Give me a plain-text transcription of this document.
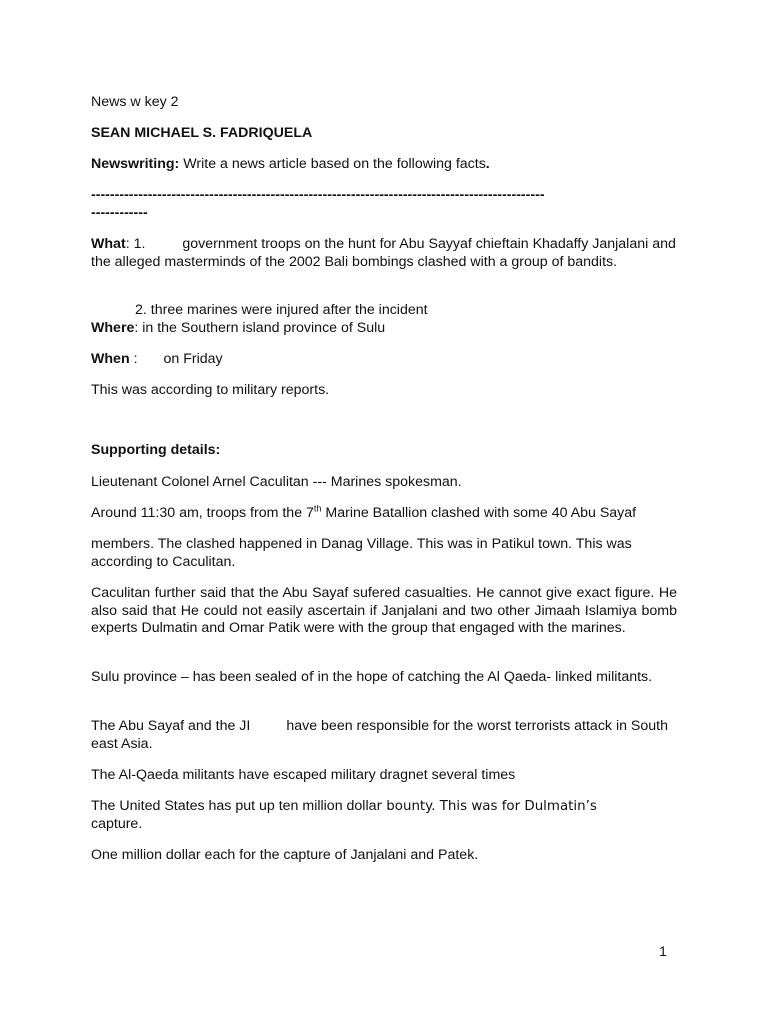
News w key 2
SEAN MICHAEL S. FADRIQUELA
Newswriting: Write a news article based on the following facts.
------------------------------------------------------------------------------------------------
------------
What: 1.	government troops on the hunt for Abu Sayyaf chieftain Khadaffy Janjalani and the alleged masterminds of the 2002 Bali bombings clashed with a group of bandits.
2. three marines were injured after the incident
Where: in the Southern island province of Sulu
When : on Friday
This was according to military reports.
Supporting details:
Lieutenant Colonel Arnel Caculitan --- Marines spokesman.
Around 11:30 am, troops from the 7th Marine Batallion clashed with some 40 Abu Sayaf
members. The clashed happened in Danag Village. This was in Patikul town. This was according to Caculitan.
Caculitan further said that the Abu Sayaf sufered casualties. He cannot give exact figure. He also said that He could not easily ascertain if Janjalani and two other Jimaah Islamiya bomb experts Dulmatin and Omar Patik were with the group that engaged with the marines.
Sulu province – has been sealed of in the hope of catching the Al Qaeda- linked militants.
The Abu Sayaf and the JI	have been responsible for the worst terrorists attack in South east Asia.
The Al-Qaeda militants have escaped military dragnet several times
The United States has put up ten million dollar bounty. This was for Dulmatin’s
capture.
One million dollar each for the capture of Janjalani and Patek.
1
